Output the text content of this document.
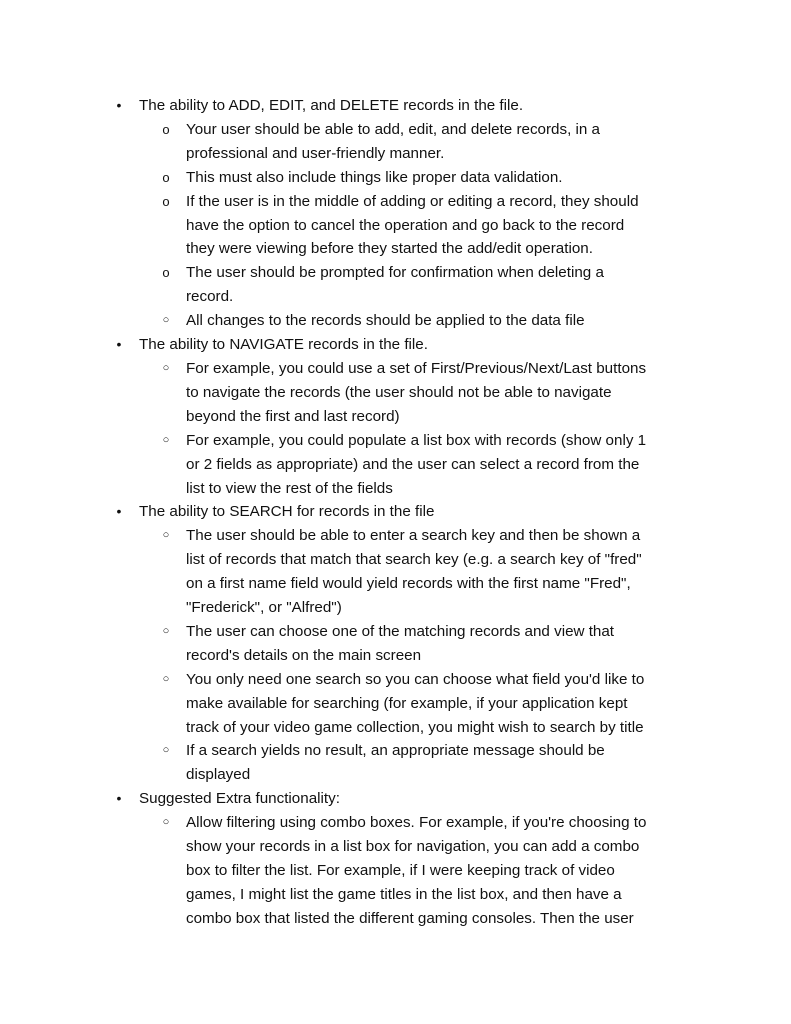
• The ability to ADD, EDIT, and DELETE records in the file.
o Your user should be able to add, edit, and delete records, in a
professional and user-friendly manner.
o This must also include things like proper data validation.
o If the user is in the middle of adding or editing a record, they should
have the option to cancel the operation and go back to the record
they were viewing before they started the add/edit operation.
o The user should be prompted for confirmation when deleting a
record.
○ All changes to the records should be applied to the data file
• The ability to NAVIGATE records in the file.
○ For example, you could use a set of First/Previous/Next/Last buttons
to navigate the records (the user should not be able to navigate
beyond the first and last record)
○ For example, you could populate a list box with records (show only 1
or 2 fields as appropriate) and the user can select a record from the
list to view the rest of the fields
• The ability to SEARCH for records in the file
○ The user should be able to enter a search key and then be shown a
list of records that match that search key (e.g. a search key of "fred"
on a first name field would yield records with the first name "Fred",
"Frederick", or "Alfred")
○ The user can choose one of the matching records and view that
record's details on the main screen
○ You only need one search so you can choose what field you'd like to
make available for searching (for example, if your application kept
track of your video game collection, you might wish to search by title
○ If a search yields no result, an appropriate message should be
displayed
• Suggested Extra functionality:
○ Allow filtering using combo boxes. For example, if you're choosing to
show your records in a list box for navigation, you can add a combo
box to filter the list. For example, if I were keeping track of video
games, I might list the game titles in the list box, and then have a
combo box that listed the different gaming consoles. Then the user
